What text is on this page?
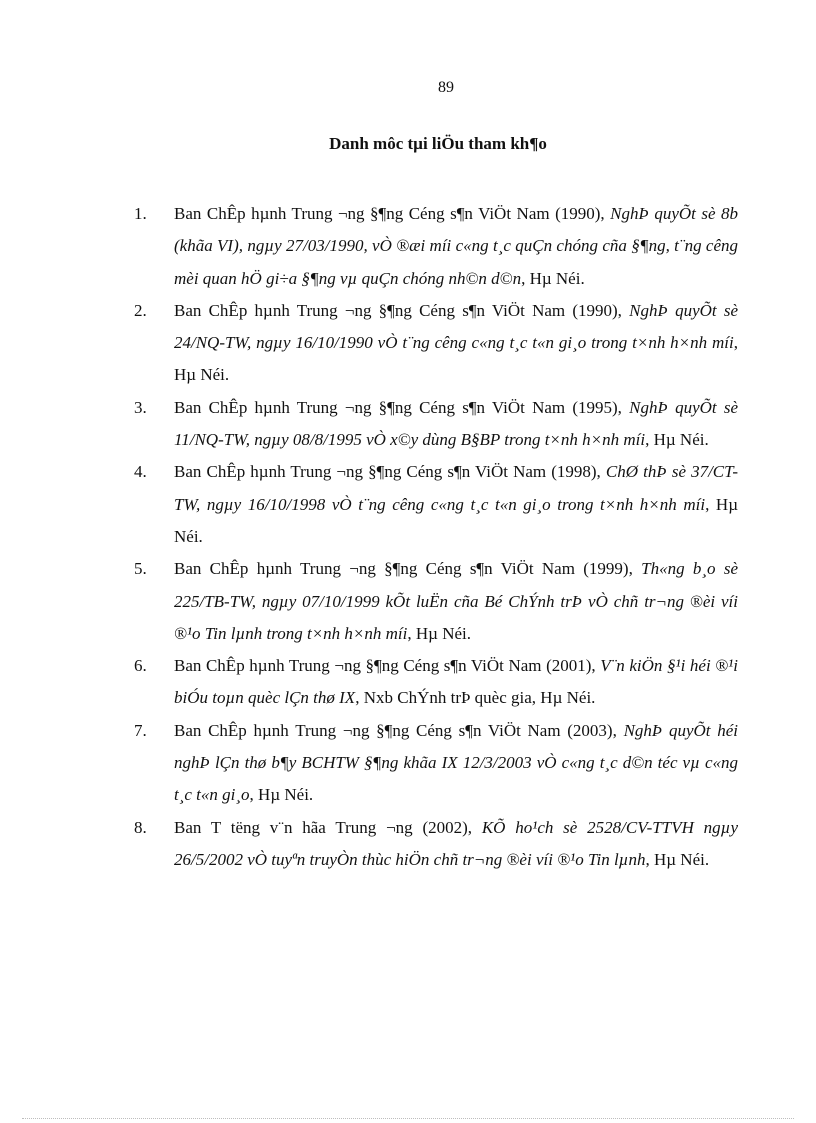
89
Danh môc tµi liÖu tham kh¶o
1. Ban ChÊp hµnh Trung ¬ng §¶ng Céng s¶n ViÖt Nam (1990), NghÞ quyÕt sè 8b (khãa VI), ngµy 27/03/1990, vÒ ®æi míi c«ng t¸c quÇn chóng cña §¶ng, t¨ng cêng mèi quan hÖ gi÷a §¶ng vµ quÇn chóng nh©n d©n, Hµ Néi.
2. Ban ChÊp hµnh Trung ¬ng §¶ng Céng s¶n ViÖt Nam (1990), NghÞ quyÕt sè 24/NQ-TW, ngµy 16/10/1990 vÒ t¨ng cêng c«ng t¸c t«n gi¸o trong t×nh h×nh míi, Hµ Néi.
3. Ban ChÊp hµnh Trung ¬ng §¶ng Céng s¶n ViÖt Nam (1995), NghÞ quyÕt sè 11/NQ-TW, ngµy 08/8/1995 vÒ x©y dùng B§BP trong t×nh h×nh míi, Hµ Néi.
4. Ban ChÊp hµnh Trung ¬ng §¶ng Céng s¶n ViÖt Nam (1998), ChØ thÞ sè 37/CT-TW, ngµy 16/10/1998 vÒ t¨ng cêng c«ng t¸c t«n gi¸o trong t×nh h×nh míi, Hµ Néi.
5. Ban ChÊp hµnh Trung ¬ng §¶ng Céng s¶n ViÖt Nam (1999), Th«ng b¸o sè 225/TB-TW, ngµy 07/10/1999 kÕt luËn cña Bé ChÝnh trÞ vÒ chñ tr¬ng ®èi víi ®¹o Tin lµnh trong t×nh h×nh míi, Hµ Néi.
6. Ban ChÊp hµnh Trung ¬ng §¶ng Céng s¶n ViÖt Nam (2001), V¨n kiÖn §¹i héi ®¹i biÓu toµn quèc lÇn thø IX, Nxb ChÝnh trÞ quèc gia, Hµ Néi.
7. Ban ChÊp hµnh Trung ¬ng §¶ng Céng s¶n ViÖt Nam (2003), NghÞ quyÕt héi nghÞ lÇn thø b¶y BCHTW §¶ng khãa IX 12/3/2003 vÒ c«ng t¸c d©n téc vµ c«ng t¸c t«n gi¸o, Hµ Néi.
8. Ban T tëng v¨n hãa Trung ¬ng (2002), KÕ ho¹ch sè 2528/CV-TTVH ngµy 26/5/2002 vÒ tuyªn truyÒn thùc hiÖn chñ tr¬ng ®èi víi ®¹o Tin lµnh, Hµ Néi.
